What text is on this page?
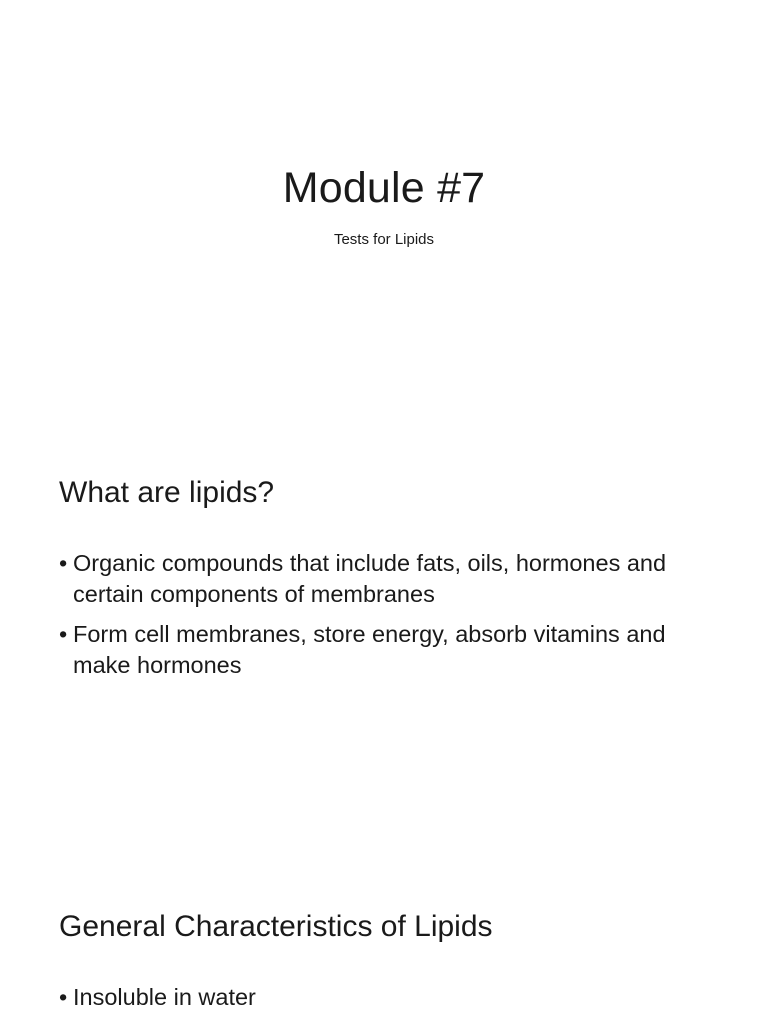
Module #7

Tests for Lipids

What are lipids?
• Organic compounds that include fats, oils, hormones and certain components of membranes
• Form cell membranes, store energy, absorb vitamins and make hormones
General Characteristics of Lipids
• Insoluble in water
